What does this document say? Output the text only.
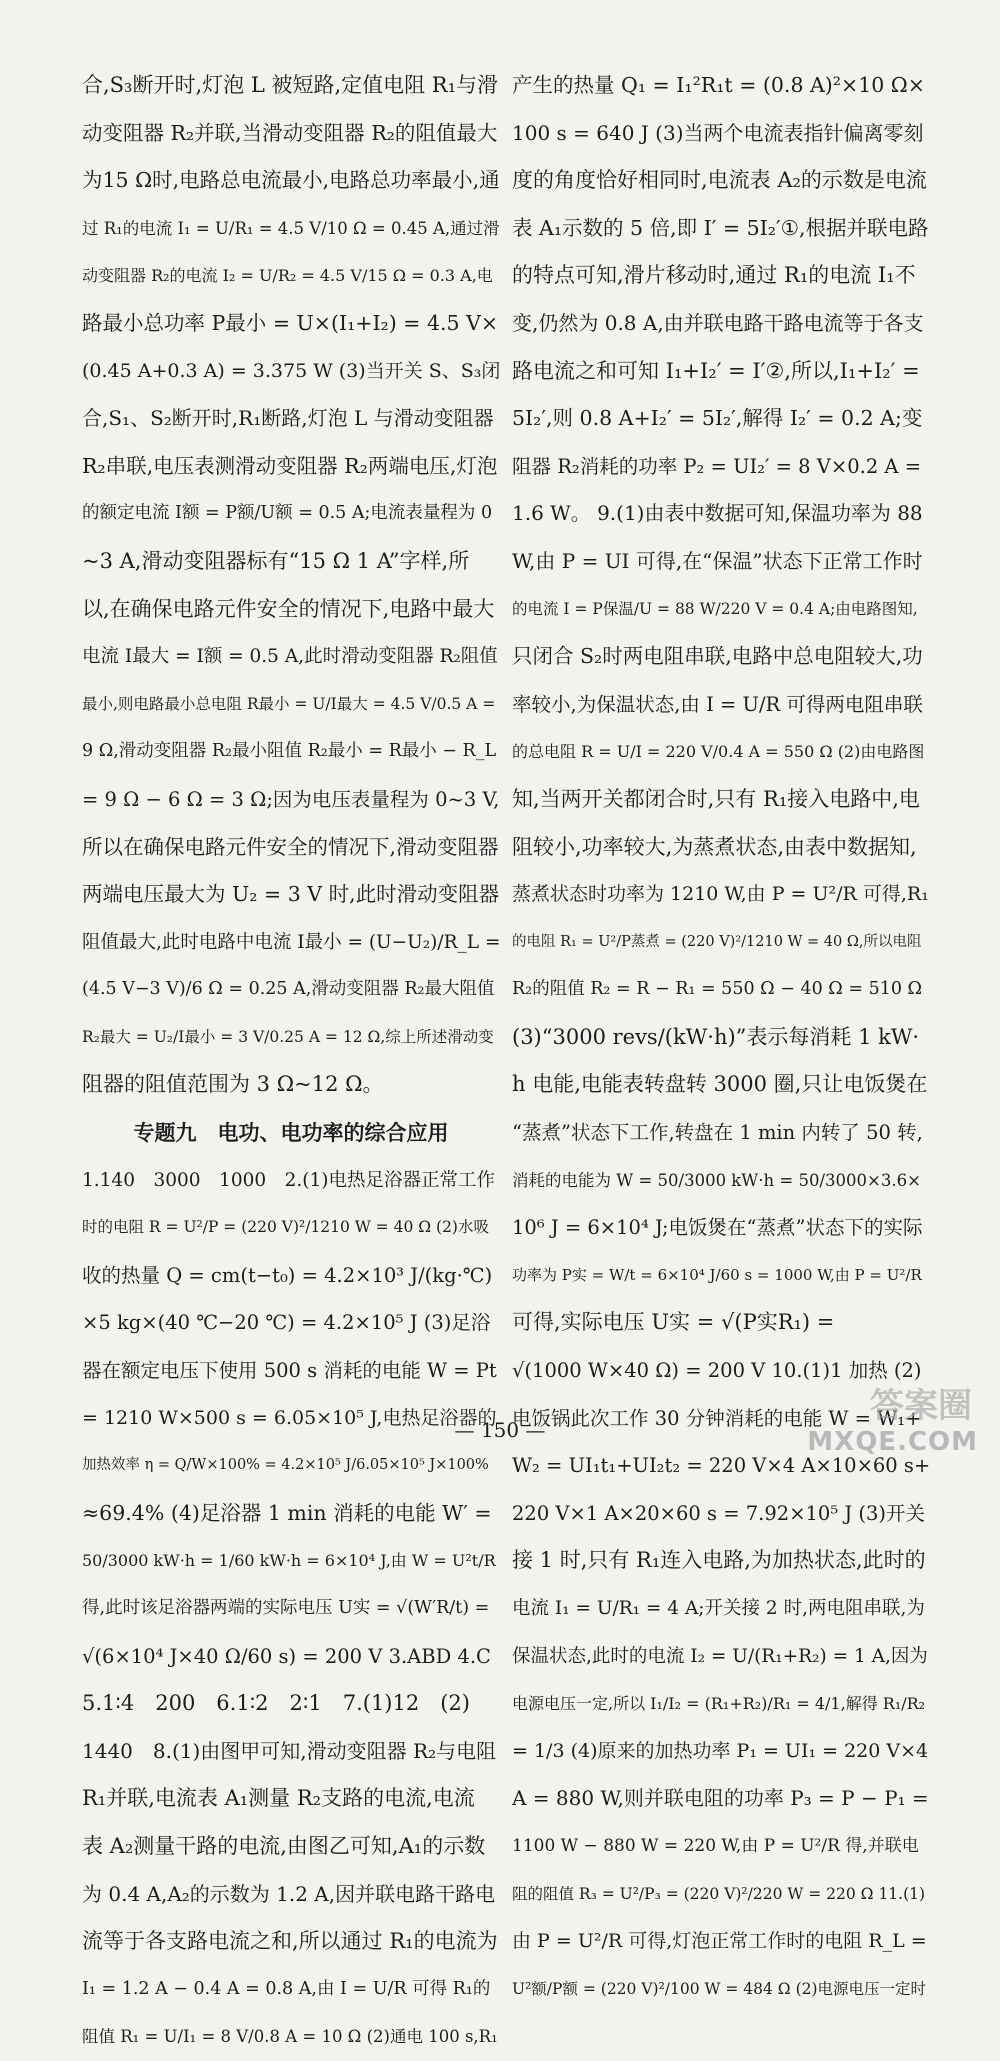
合,S₃断开时,灯泡 L 被短路,定值电阻 R₁与滑
动变阻器 R₂并联,当滑动变阻器 R₂的阻值最大
为15 Ω时,电路总电流最小,电路总功率最小,通
过 R₁的电流 I₁ = U/R₁ = 4.5 V/10 Ω = 0.45 A,通过滑
动变阻器 R₂的电流 I₂ = U/R₂ = 4.5 V/15 Ω = 0.3 A,电
路最小总功率 P最小 = U×(I₁+I₂) = 4.5 V×
(0.45 A+0.3 A) = 3.375 W (3)当开关 S、S₃闭
合,S₁、S₂断开时,R₁断路,灯泡 L 与滑动变阻器
R₂串联,电压表测滑动变阻器 R₂两端电压,灯泡
的额定电流 I额 = P额/U额 = 0.5 A;电流表量程为 0
~3 A,滑动变阻器标有“15 Ω 1 A”字样,所
以,在确保电路元件安全的情况下,电路中最大
电流 I最大 = I额 = 0.5 A,此时滑动变阻器 R₂阻值
最小,则电路最小总电阻 R最小 = U/I最大 = 4.5 V/0.5 A =
9 Ω,滑动变阻器 R₂最小阻值 R₂最小 = R最小 − R_L
= 9 Ω − 6 Ω = 3 Ω;因为电压表量程为 0~3 V,
所以在确保电路元件安全的情况下,滑动变阻器
两端电压最大为 U₂ = 3 V 时,此时滑动变阻器
阻值最大,此时电路中电流 I最小 = (U−U₂)/R_L =
(4.5 V−3 V)/6 Ω = 0.25 A,滑动变阻器 R₂最大阻值
R₂最大 = U₂/I最小 = 3 V/0.25 A = 12 Ω,综上所述滑动变
阻器的阻值范围为 3 Ω~12 Ω。
专题九　电功、电功率的综合应用
1.140　3000　1000　2.(1)电热足浴器正常工作
时的电阻 R = U²/P = (220 V)²/1210 W = 40 Ω (2)水吸
收的热量 Q = cm(t−t₀) = 4.2×10³ J/(kg·℃)
×5 kg×(40 ℃−20 ℃) = 4.2×10⁵ J (3)足浴
器在额定电压下使用 500 s 消耗的电能 W = Pt
= 1210 W×500 s = 6.05×10⁵ J,电热足浴器的
加热效率 η = Q/W×100% = 4.2×10⁵ J/6.05×10⁵ J×100%
≈69.4% (4)足浴器 1 min 消耗的电能 W′ =
50/3000 kW·h = 1/60 kW·h = 6×10⁴ J,由 W = U²t/R
得,此时该足浴器两端的实际电压 U实 = √(W′R/t) =
√(6×10⁴ J×40 Ω/60 s) = 200 V 3.ABD 4.C
5.1∶4　200　6.1∶2　2∶1　7.(1)12　(2)
1440　8.(1)由图甲可知,滑动变阻器 R₂与电阻
R₁并联,电流表 A₁测量 R₂支路的电流,电流
表 A₂测量干路的电流,由图乙可知,A₁的示数
为 0.4 A,A₂的示数为 1.2 A,因并联电路干路电
流等于各支路电流之和,所以通过 R₁的电流为
I₁ = 1.2 A − 0.4 A = 0.8 A,由 I = U/R 可得 R₁的
阻值 R₁ = U/I₁ = 8 V/0.8 A = 10 Ω (2)通电 100 s,R₁
产生的热量 Q₁ = I₁²R₁t = (0.8 A)²×10 Ω×
100 s = 640 J (3)当两个电流表指针偏离零刻
度的角度恰好相同时,电流表 A₂的示数是电流
表 A₁示数的 5 倍,即 I′ = 5I₂′①,根据并联电路
的特点可知,滑片移动时,通过 R₁的电流 I₁不
变,仍然为 0.8 A,由并联电路干路电流等于各支
路电流之和可知 I₁+I₂′ = I′②,所以,I₁+I₂′ =
5I₂′,则 0.8 A+I₂′ = 5I₂′,解得 I₂′ = 0.2 A;变
阻器 R₂消耗的功率 P₂ = UI₂′ = 8 V×0.2 A =
1.6 W。 9.(1)由表中数据可知,保温功率为 88
W,由 P = UI 可得,在“保温”状态下正常工作时
的电流 I = P保温/U = 88 W/220 V = 0.4 A;由电路图知,
只闭合 S₂时两电阻串联,电路中总电阻较大,功
率较小,为保温状态,由 I = U/R 可得两电阻串联
的总电阻 R = U/I = 220 V/0.4 A = 550 Ω (2)由电路图
知,当两开关都闭合时,只有 R₁接入电路中,电
阻较小,功率较大,为蒸煮状态,由表中数据知,
蒸煮状态时功率为 1210 W,由 P = U²/R 可得,R₁
的电阻 R₁ = U²/P蒸煮 = (220 V)²/1210 W = 40 Ω,所以电阻
R₂的阻值 R₂ = R − R₁ = 550 Ω − 40 Ω = 510 Ω
(3)“3000 revs/(kW·h)”表示每消耗 1 kW·
h 电能,电能表转盘转 3000 圈,只让电饭煲在
“蒸煮”状态下工作,转盘在 1 min 内转了 50 转,
消耗的电能为 W = 50/3000 kW·h = 50/3000×3.6×
10⁶ J = 6×10⁴ J;电饭煲在“蒸煮”状态下的实际
功率为 P实 = W/t = 6×10⁴ J/60 s = 1000 W,由 P = U²/R
可得,实际电压 U实 = √(P实R₁) =
√(1000 W×40 Ω) = 200 V 10.(1)1 加热 (2)
电饭锅此次工作 30 分钟消耗的电能 W = W₁+
W₂ = UI₁t₁+UI₂t₂ = 220 V×4 A×10×60 s+
220 V×1 A×20×60 s = 7.92×10⁵ J (3)开关
接 1 时,只有 R₁连入电路,为加热状态,此时的
电流 I₁ = U/R₁ = 4 A;开关接 2 时,两电阻串联,为
保温状态,此时的电流 I₂ = U/(R₁+R₂) = 1 A,因为
电源电压一定,所以 I₁/I₂ = (R₁+R₂)/R₁ = 4/1,解得 R₁/R₂
= 1/3 (4)原来的加热功率 P₁ = UI₁ = 220 V×4
A = 880 W,则并联电阻的功率 P₃ = P − P₁ =
1100 W − 880 W = 220 W,由 P = U²/R 得,并联电
阻的阻值 R₃ = U²/P₃ = (220 V)²/220 W = 220 Ω 11.(1)
由 P = U²/R 可得,灯泡正常工作时的电阻 R_L =
U²额/P额 = (220 V)²/100 W = 484 Ω (2)电源电压一定时
— 150 —
答案圈
MXQE.COM
